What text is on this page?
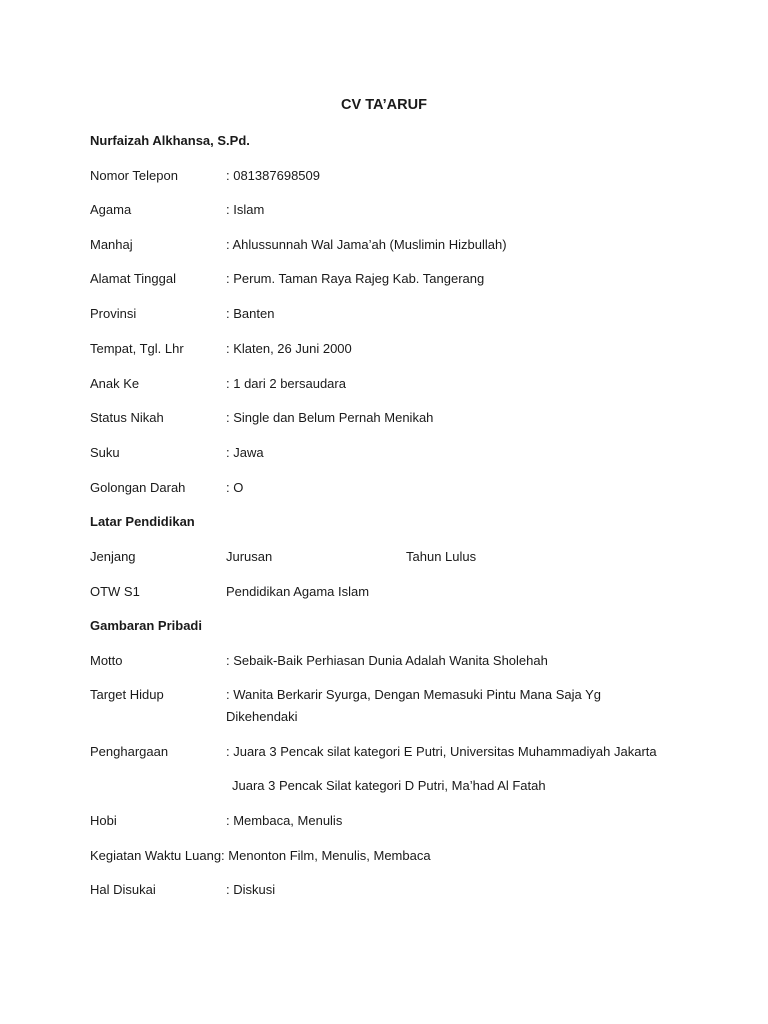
CV TA’ARUF
Nurfaizah Alkhansa, S.Pd.
Nomor Telepon	: 081387698509
Agama	: Islam
Manhaj	: Ahlussunnah Wal Jama’ah (Muslimin Hizbullah)
Alamat Tinggal	: Perum. Taman Raya Rajeg Kab. Tangerang
Provinsi	: Banten
Tempat, Tgl. Lhr	: Klaten, 26 Juni 2000
Anak Ke	: 1 dari 2 bersaudara
Status Nikah	: Single dan Belum Pernah Menikah
Suku	: Jawa
Golongan Darah	: O
Latar Pendidikan
Jenjang	Jurusan	Tahun Lulus
OTW S1	Pendidikan Agama Islam
Gambaran Pribadi
Motto	: Sebaik-Baik Perhiasan Dunia Adalah Wanita Sholehah
Target Hidup	: Wanita Berkarir Syurga, Dengan Memasuki Pintu Mana Saja Yg Dikehendaki
Penghargaan	: Juara 3 Pencak silat kategori E Putri, Universitas Muhammadiyah Jakarta
Juara 3 Pencak Silat kategori D Putri, Ma’had Al Fatah
Hobi	: Membaca, Menulis
Kegiatan Waktu Luang: Menonton Film, Menulis, Membaca
Hal Disukai	: Diskusi
